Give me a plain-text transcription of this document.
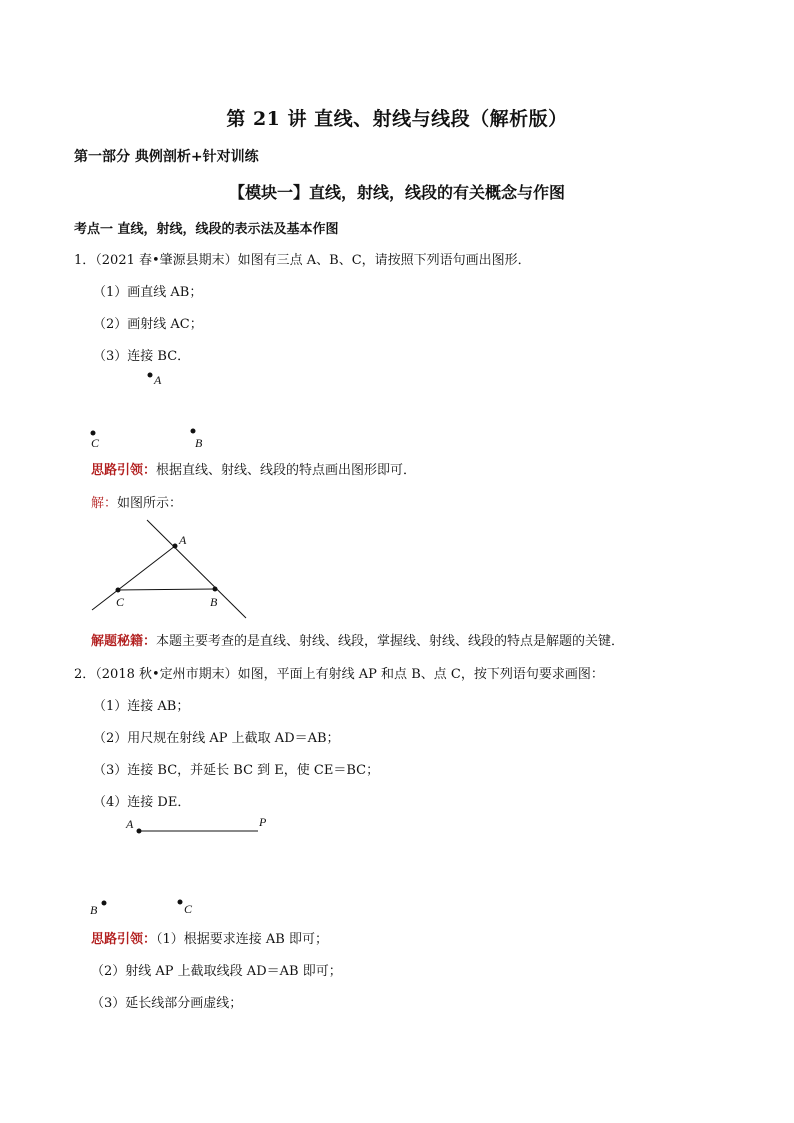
第 21 讲 直线、射线与线段（解析版）
第一部分 典例剖析+针对训练
【模块一】直线，射线，线段的有关概念与作图
考点一 直线，射线，线段的表示法及基本作图
1．（2021 春•肇源县期末）如图有三点 A、B、C，请按照下列语句画出图形．
（1）画直线 AB；
（2）画射线 AC；
（3）连接 BC．
A
C	B
A
C	B
A	P
B	C
思路引领：根据直线、射线、线段的特点画出图形即可．
解：如图所示：
解题秘籍：本题主要考查的是直线、射线、线段，掌握线、射线、线段的特点是解题的关键．
2．（2018 秋•定州市期末）如图，平面上有射线 AP 和点 B、点 C，按下列语句要求画图：
（1）连接 AB；
（2）用尺规在射线 AP 上截取 AD＝AB；
（3）连接 BC，并延长 BC 到 E，使 CE＝BC；
（4）连接 DE．
思路引领：（1）根据要求连接 AB 即可；
（2）射线 AP 上截取线段 AD＝AB 即可；
（3）延长线部分画虚线；
